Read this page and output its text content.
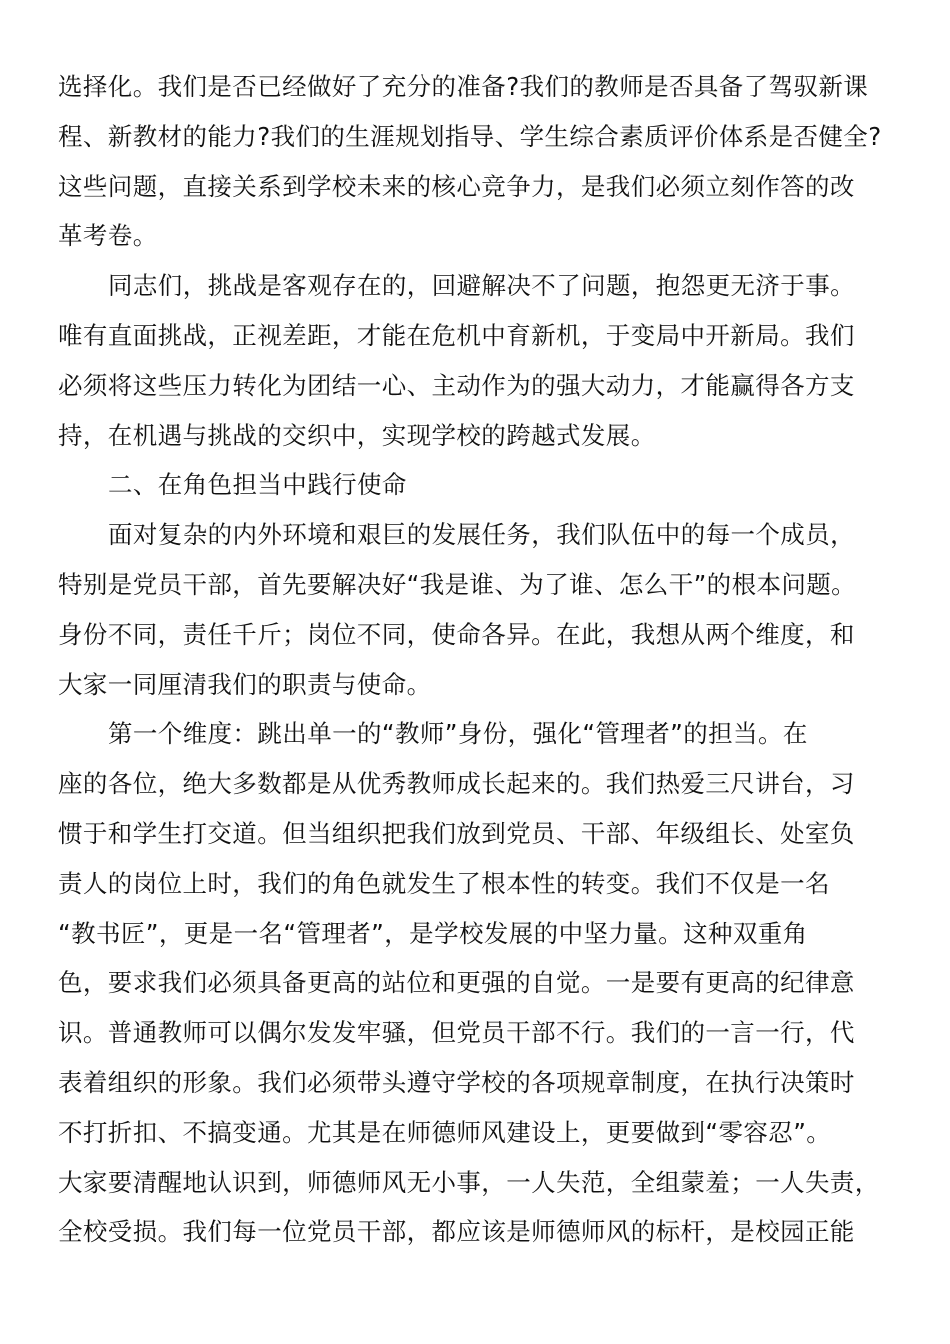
选择化。我们是否已经做好了充分的准备?我们的教师是否具备了驾驭新课
程、新教材的能力?我们的生涯规划指导、学生综合素质评价体系是否健全?
这些问题，直接关系到学校未来的核心竞争力，是我们必须立刻作答的改
革考卷。
同志们，挑战是客观存在的，回避解决不了问题，抱怨更无济于事。
唯有直面挑战，正视差距，才能在危机中育新机，于变局中开新局。我们
必须将这些压力转化为团结一心、主动作为的强大动力，才能赢得各方支
持，在机遇与挑战的交织中，实现学校的跨越式发展。
二、在角色担当中践行使命
面对复杂的内外环境和艰巨的发展任务，我们队伍中的每一个成员，
特别是党员干部，首先要解决好“我是谁、为了谁、怎么干”的根本问题。
身份不同，责任千斤；岗位不同，使命各异。在此，我想从两个维度，和
大家一同厘清我们的职责与使命。
第一个维度：跳出单一的“教师”身份，强化“管理者”的担当。在
座的各位，绝大多数都是从优秀教师成长起来的。我们热爱三尺讲台，习
惯于和学生打交道。但当组织把我们放到党员、干部、年级组长、处室负
责人的岗位上时，我们的角色就发生了根本性的转变。我们不仅是一名
“教书匠”，更是一名“管理者”，是学校发展的中坚力量。这种双重角
色，要求我们必须具备更高的站位和更强的自觉。一是要有更高的纪律意
识。普通教师可以偶尔发发牢骚，但党员干部不行。我们的一言一行，代
表着组织的形象。我们必须带头遵守学校的各项规章制度，在执行决策时
不打折扣、不搞变通。尤其是在师德师风建设上，更要做到“零容忍”。
大家要清醒地认识到，师德师风无小事，一人失范，全组蒙羞；一人失责，
全校受损。我们每一位党员干部，都应该是师德师风的标杆，是校园正能
